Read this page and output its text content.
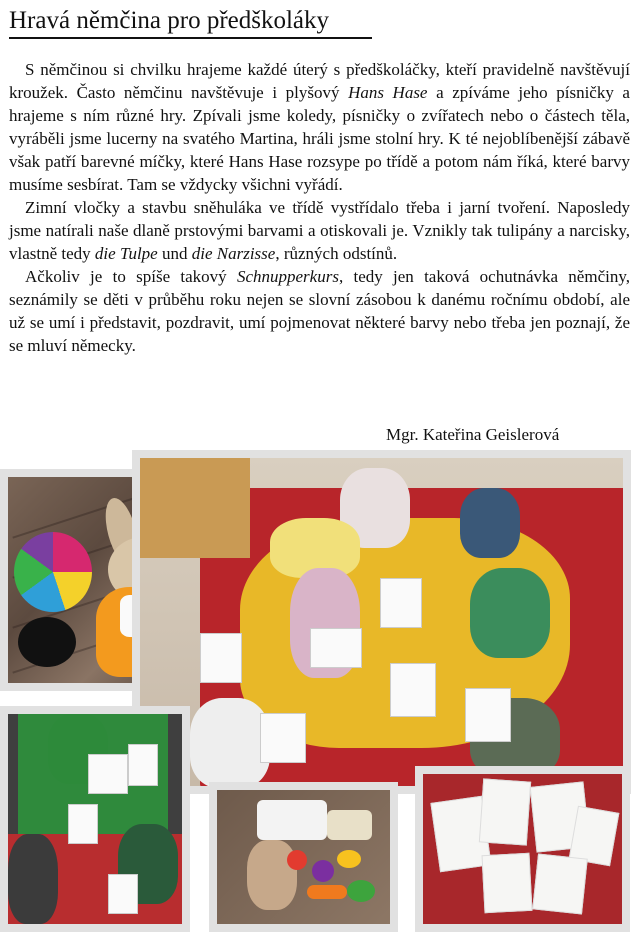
Hravá němčina pro předškoláky

S němčinou si chvilku hrajeme každé úterý s předškoláčky, kteří pravidelně navštěvují kroužek. Často němčinu navštěvuje i plyšový Hans Hase a zpíváme jeho písničky a hrajeme s ním různé hry. Zpívali jsme koledy, písničky o zvířatech nebo o částech těla, vyráběli jsme lucerny na svatého Martina, hráli jsme stolní hry. K té nejoblíbenější zábavě však patří barevné míčky, které Hans Hase rozsype po třídě a potom nám říká, které barvy musíme sesbírat. Tam se vždycky všichni vyřádí.

Zimní vločky a stavbu sněhuláka ve třídě vystřídalo třeba i jarní tvoření. Naposledy jsme natírali naše dlaně prstovými barvami a otiskovali je. Vznikly tak tulipány a narcisky, vlastně tedy die Tulpe und die Narzisse, různých odstínů.

Ačkoliv je to spíše takový Schnupperkurs, tedy jen taková ochutnávka němčiny, seznámily se děti v průběhu roku nejen se slovní zásobou k danému ročnímu období, ale už se umí i představit, pozdravit, umí pojmenovat některé barvy nebo třeba jen poznají, že se mluví německy.

Mgr. Kateřina Geislerová
